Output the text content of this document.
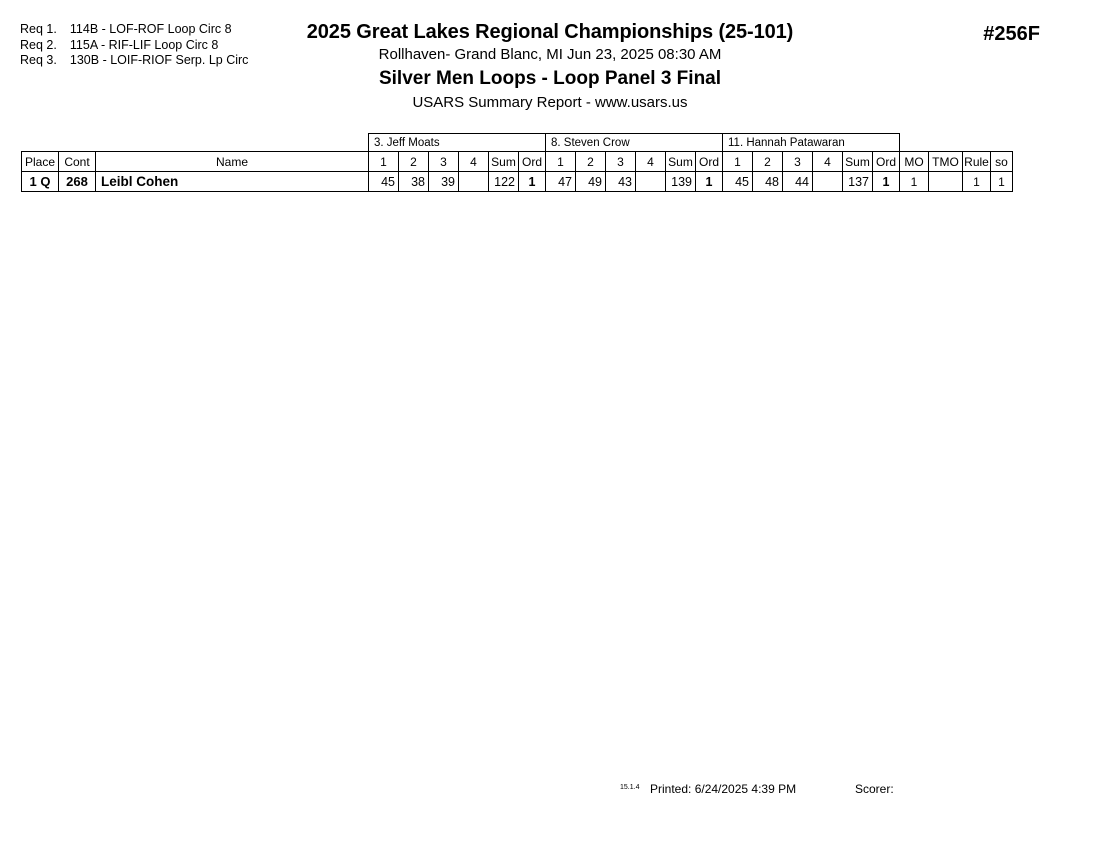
Req 1. 114B - LOF-ROF Loop Circ 8
Req 2. 115A - RIF-LIF Loop Circ 8
Req 3. 130B - LOIF-RIOF Serp. Lp Circ
2025 Great Lakes Regional Championships (25-101)
Rollhaven- Grand Blanc, MI Jun 23, 2025 08:30 AM
Silver Men Loops - Loop Panel 3 Final
USARS Summary Report - www.usars.us
#256F
			3. Jeff Moats						8. Steven Crow						11. Hannah Patawaran									
Place	Cont	Name	1	2	3	4	Sum	Ord	1	2	3	4	Sum	Ord	1	2	3	4	Sum	Ord	MO	TMO	Rule	so
1 Q	268	Leibl Cohen	45	38	39		122	1	47	49	43		139	1	45	48	44		137	1	1		1	1
15.1.4 Printed: 6/24/2025 4:39 PM	Scorer:
